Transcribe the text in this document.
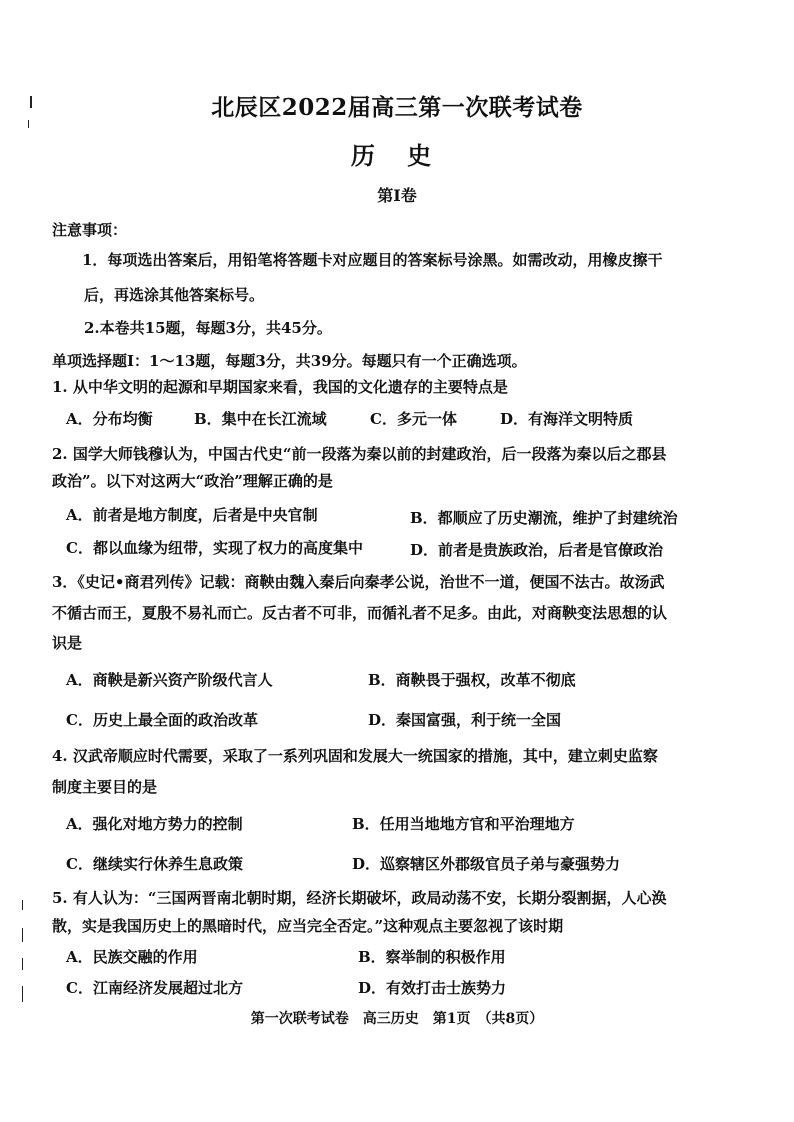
北辰区2022届高三第一次联考试卷
历 史
第Ⅰ卷
注意事项：
1．每项选出答案后，用铅笔将答题卡对应题目的答案标号涂黑。如需改动，用橡皮擦干
后，再选涂其他答案标号。
2.本卷共15题，每题3分，共45分。
单项选择题Ⅰ：1～13题，每题3分，共39分。每题只有一个正确选项。
1. 从中华文明的起源和早期国家来看，我国的文化遗存的主要特点是
A．分布均衡	B．集中在长江流域	C．多元一体	D．有海洋文明特质
2. 国学大师钱穆认为，中国古代史“前一段落为秦以前的封建政治，后一段落为秦以后之郡县
政治”。以下对这两大“政治”理解正确的是
A．前者是地方制度，后者是中央官制	B．都顺应了历史潮流，维护了封建统治
C．都以血缘为纽带，实现了权力的高度集中	D．前者是贵族政治，后者是官僚政治
3．《史记•商君列传》记载：商鞅由魏入秦后向秦孝公说，治世不一道，便国不法古。故汤武
不循古而王，夏殷不易礼而亡。反古者不可非，而循礼者不足多。由此，对商鞅变法思想的认
识是
A．商鞅是新兴资产阶级代言人	B．商鞅畏于强权，改革不彻底
C．历史上最全面的政治改革	D．秦国富强，利于统一全国
4. 汉武帝顺应时代需要，采取了一系列巩固和发展大一统国家的措施，其中，建立刺史监察
制度主要目的是
A．强化对地方势力的控制	B．任用当地地方官和平治理地方
C．继续实行休养生息政策	D．巡察辖区外郡级官员子弟与豪强势力
5. 有人认为：“三国两晋南北朝时期，经济长期破坏，政局动荡不安，长期分裂割据，人心涣
散，实是我国历史上的黑暗时代，应当完全否定。”这种观点主要忽视了该时期
A．民族交融的作用	B．察举制的积极作用
C．江南经济发展超过北方	D．有效打击士族势力
第一次联考试卷　高三历史　第1页　（共8页）
